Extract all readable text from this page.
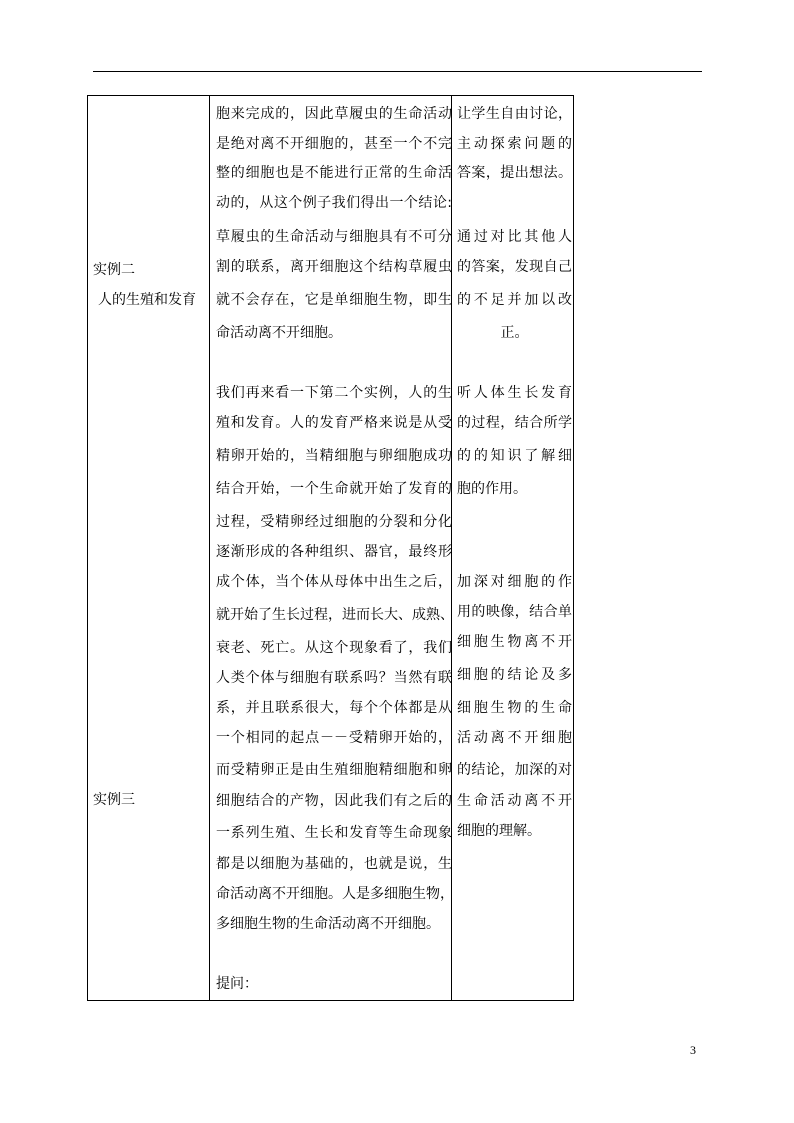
实例二
人的生殖和发育
实例三
胞来完成的，因此草履虫的生命活动
是绝对离不开细胞的，甚至一个不完
整的细胞也是不能进行正常的生命活
动的，从这个例子我们得出一个结论:
草履虫的生命活动与细胞具有不可分
割的联系，离开细胞这个结构草履虫
就不会存在，它是单细胞生物，即生
命活动离不开细胞。
我们再来看一下第二个实例，人的生
殖和发育。人的发育严格来说是从受
精卵开始的，当精细胞与卵细胞成功
结合开始，一个生命就开始了发育的
过程，受精卵经过细胞的分裂和分化
逐渐形成的各种组织、器官，最终形
成个体，当个体从母体中出生之后，
就开始了生长过程，进而长大、成熟、
衰老、死亡。从这个现象看了，我们
人类个体与细胞有联系吗？当然有联
系，并且联系很大，每个个体都是从
一个相同的起点－－受精卵开始的，
而受精卵正是由生殖细胞精细胞和卵
细胞结合的产物，因此我们有之后的
一系列生殖、生长和发育等生命现象
都是以细胞为基础的，也就是说，生
命活动离不开细胞。人是多细胞生物，
多细胞生物的生命活动离不开细胞。
提问：
让学生自由讨论，
主动探索问题的
答案，提出想法。
通过对比其他人
的答案，发现自己
的不足并加以改
正。
听人体生长发育
的过程，结合所学
的的知识了解细
胞的作用。
加深对细胞的作
用的映像，结合单
细胞生物离不开
细胞的结论及多
细胞生物的生命
活动离不开细胞
的结论，加深的对
生命活动离不开
细胞的理解。
3
